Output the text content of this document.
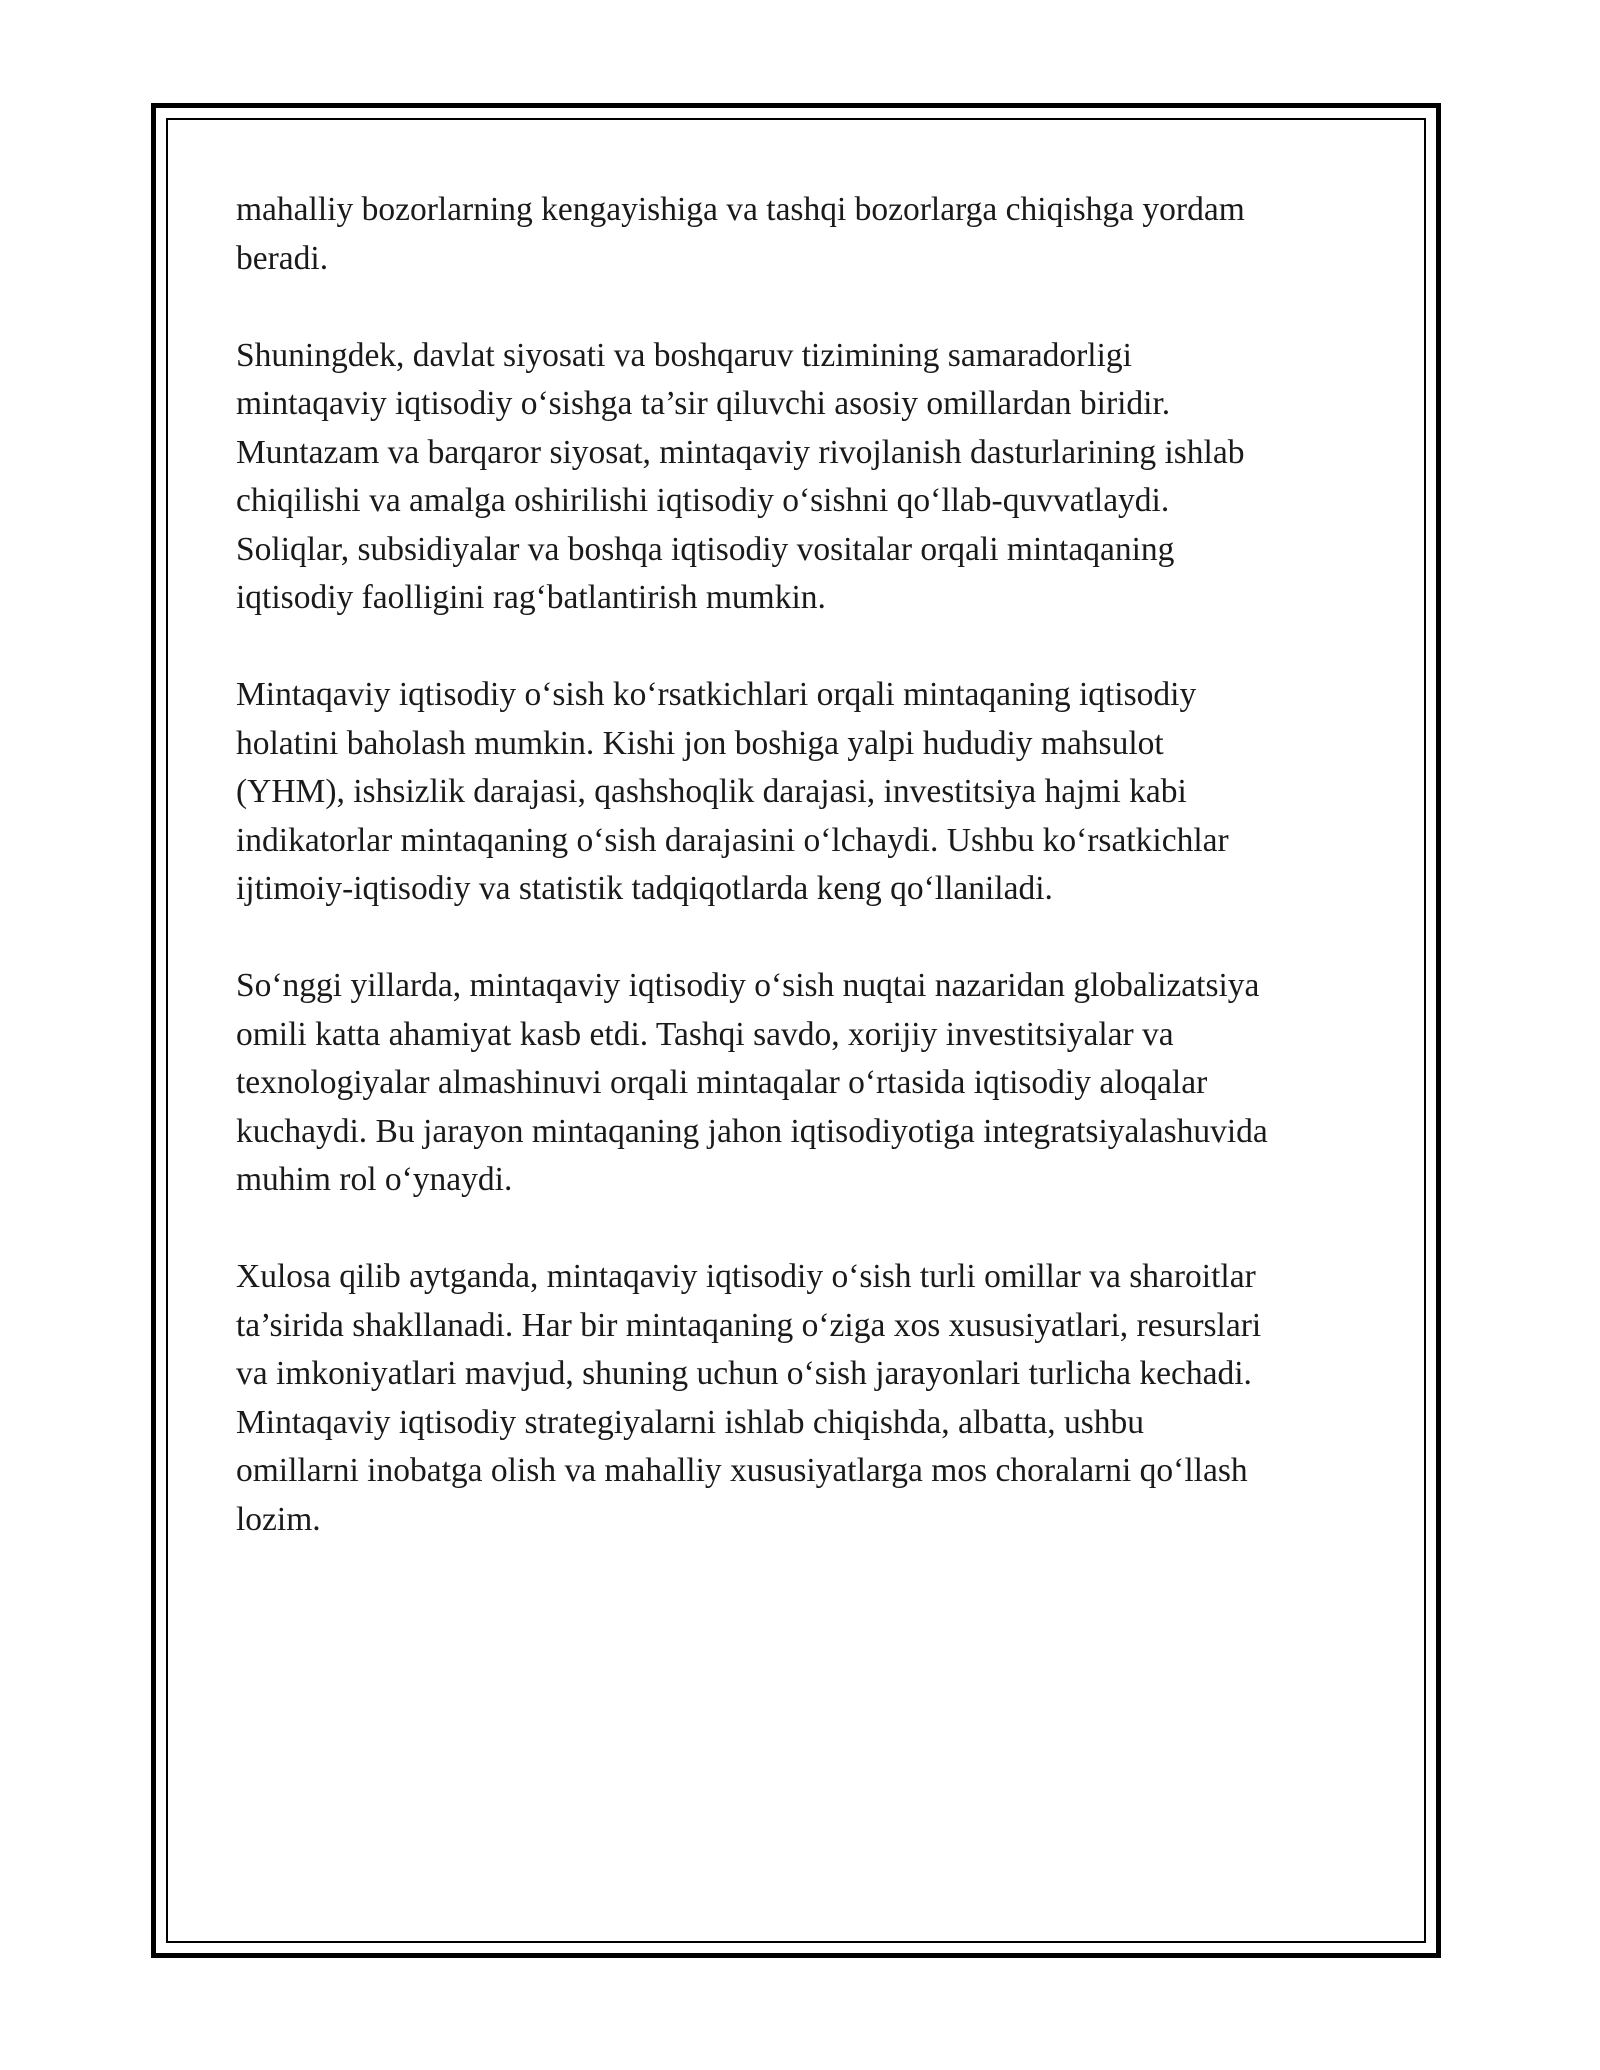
mahalliy bozorlarning kengayishiga va tashqi bozorlarga chiqishga yordam
beradi.

Shuningdek, davlat siyosati va boshqaruv tizimining samaradorligi
mintaqaviy iqtisodiy o‘sishga ta’sir qiluvchi asosiy omillardan biridir.
Muntazam va barqaror siyosat, mintaqaviy rivojlanish dasturlarining ishlab
chiqilishi va amalga oshirilishi iqtisodiy o‘sishni qo‘llab-quvvatlaydi.
Soliqlar, subsidiyalar va boshqa iqtisodiy vositalar orqali mintaqaning
iqtisodiy faolligini rag‘batlantirish mumkin.

Mintaqaviy iqtisodiy o‘sish ko‘rsatkichlari orqali mintaqaning iqtisodiy
holatini baholash mumkin. Kishi jon boshiga yalpi hududiy mahsulot
(YHM), ishsizlik darajasi, qashshoqlik darajasi, investitsiya hajmi kabi
indikatorlar mintaqaning o‘sish darajasini o‘lchaydi. Ushbu ko‘rsatkichlar
ijtimoiy-iqtisodiy va statistik tadqiqotlarda keng qo‘llaniladi.

So‘nggi yillarda, mintaqaviy iqtisodiy o‘sish nuqtai nazaridan globalizatsiya
omili katta ahamiyat kasb etdi. Tashqi savdo, xorijiy investitsiyalar va
texnologiyalar almashinuvi orqali mintaqalar o‘rtasida iqtisodiy aloqalar
kuchaydi. Bu jarayon mintaqaning jahon iqtisodiyotiga integratsiyalashuvida
muhim rol o‘ynaydi.

Xulosa qilib aytganda, mintaqaviy iqtisodiy o‘sish turli omillar va sharoitlar
ta’sirida shakllanadi. Har bir mintaqaning o‘ziga xos xususiyatlari, resurslari
va imkoniyatlari mavjud, shuning uchun o‘sish jarayonlari turlicha kechadi.
Mintaqaviy iqtisodiy strategiyalarni ishlab chiqishda, albatta, ushbu
omillarni inobatga olish va mahalliy xususiyatlarga mos choralarni qo‘llash
lozim.
